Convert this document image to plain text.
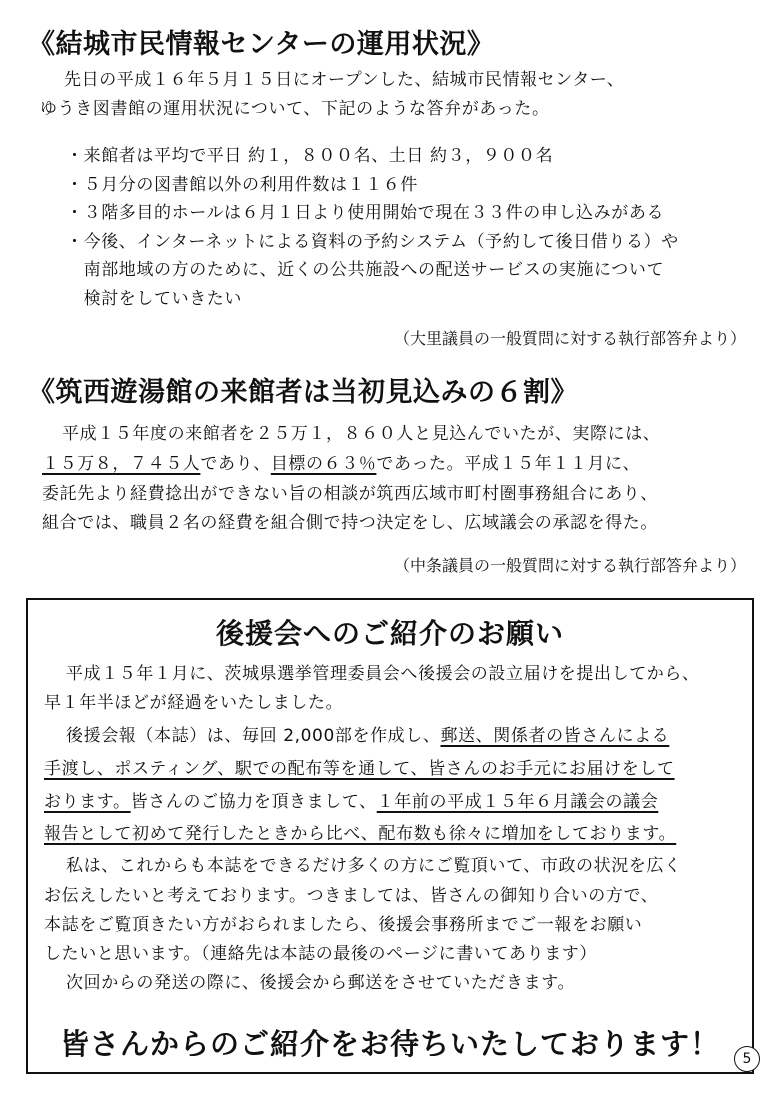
《結城市民情報センターの運用状況》
先日の平成１６年５月１５日にオープンした、結城市民情報センター、
ゆうき図書館の運用状況について、下記のような答弁があった。
・来館者は平均で平日 約１，８００名、土日 約３，９００名
・５月分の図書館以外の利用件数は１１６件
・３階多目的ホールは６月１日より使用開始で現在３３件の申し込みがある
・今後、インターネットによる資料の予約システム（予約して後日借りる）や
　南部地域の方のために、近くの公共施設への配送サービスの実施について
　検討をしていきたい
（大里議員の一般質問に対する執行部答弁より）
《筑西遊湯館の来館者は当初見込みの６割》
平成１５年度の来館者を２５万１，８６０人と見込んでいたが、実際には、
１５万８，７４５人であり、目標の６３％であった。平成１５年１１月に、
委託先より経費捻出ができない旨の相談が筑西広域市町村圏事務組合にあり、
組合では、職員２名の経費を組合側で持つ決定をし、広域議会の承認を得た。
（中条議員の一般質問に対する執行部答弁より）
後援会へのご紹介のお願い
平成１５年１月に、茨城県選挙管理委員会へ後援会の設立届けを提出してから、
早１年半ほどが経過をいたしました。
後援会報（本誌）は、毎回 2,000部を作成し、郵送、関係者の皆さんによる
手渡し、ポスティング、駅での配布等を通して、皆さんのお手元にお届けをして
おります。皆さんのご協力を頂きまして、１年前の平成１５年６月議会の議会
報告として初めて発行したときから比べ、配布数も徐々に増加をしております。
私は、これからも本誌をできるだけ多くの方にご覧頂いて、市政の状況を広く
お伝えしたいと考えております。つきましては、皆さんの御知り合いの方で、
本誌をご覧頂きたい方がおられましたら、後援会事務所までご一報をお願い
したいと思います。（連絡先は本誌の最後のページに書いてあります）
次回からの発送の際に、後援会から郵送をさせていただきます。
皆さんからのご紹介をお待ちいたしております！	5
